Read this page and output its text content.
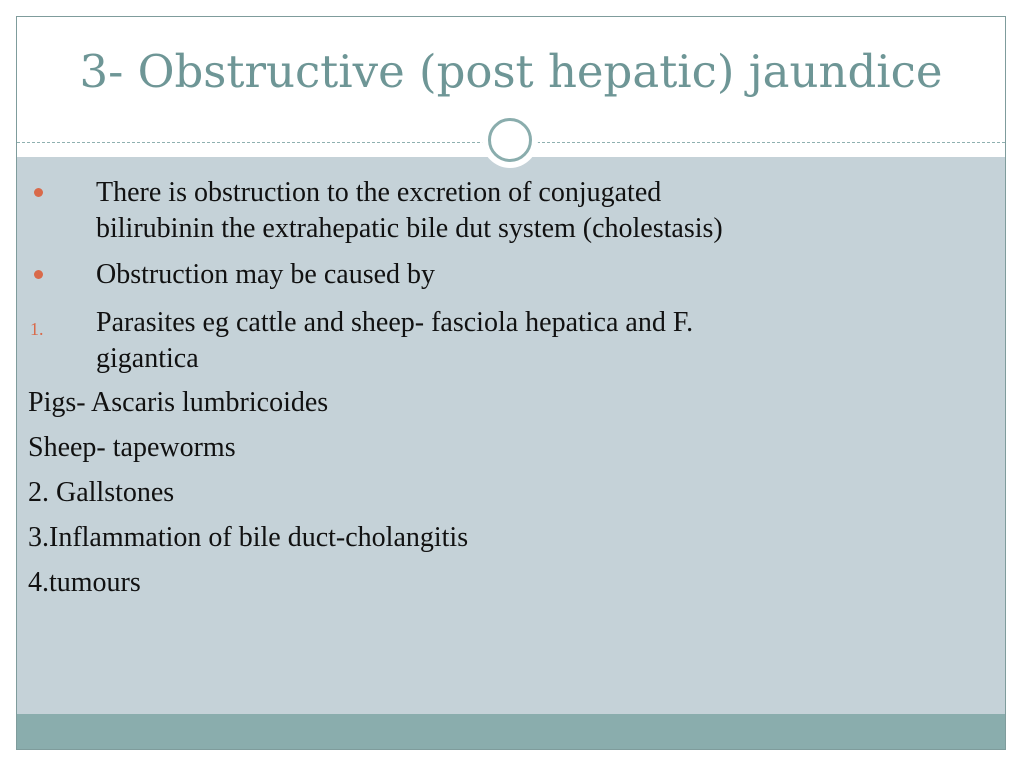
3- Obstructive (post hepatic) jaundice
There is obstruction to the excretion of conjugated
bilirubinin the extrahepatic bile dut system (cholestasis)
Obstruction may be caused by
1. Parasites eg cattle and sheep- fasciola hepatica and F.
gigantica
Pigs- Ascaris lumbricoides
Sheep- tapeworms
2. Gallstones
3.Inflammation of bile duct-cholangitis
4.tumours
